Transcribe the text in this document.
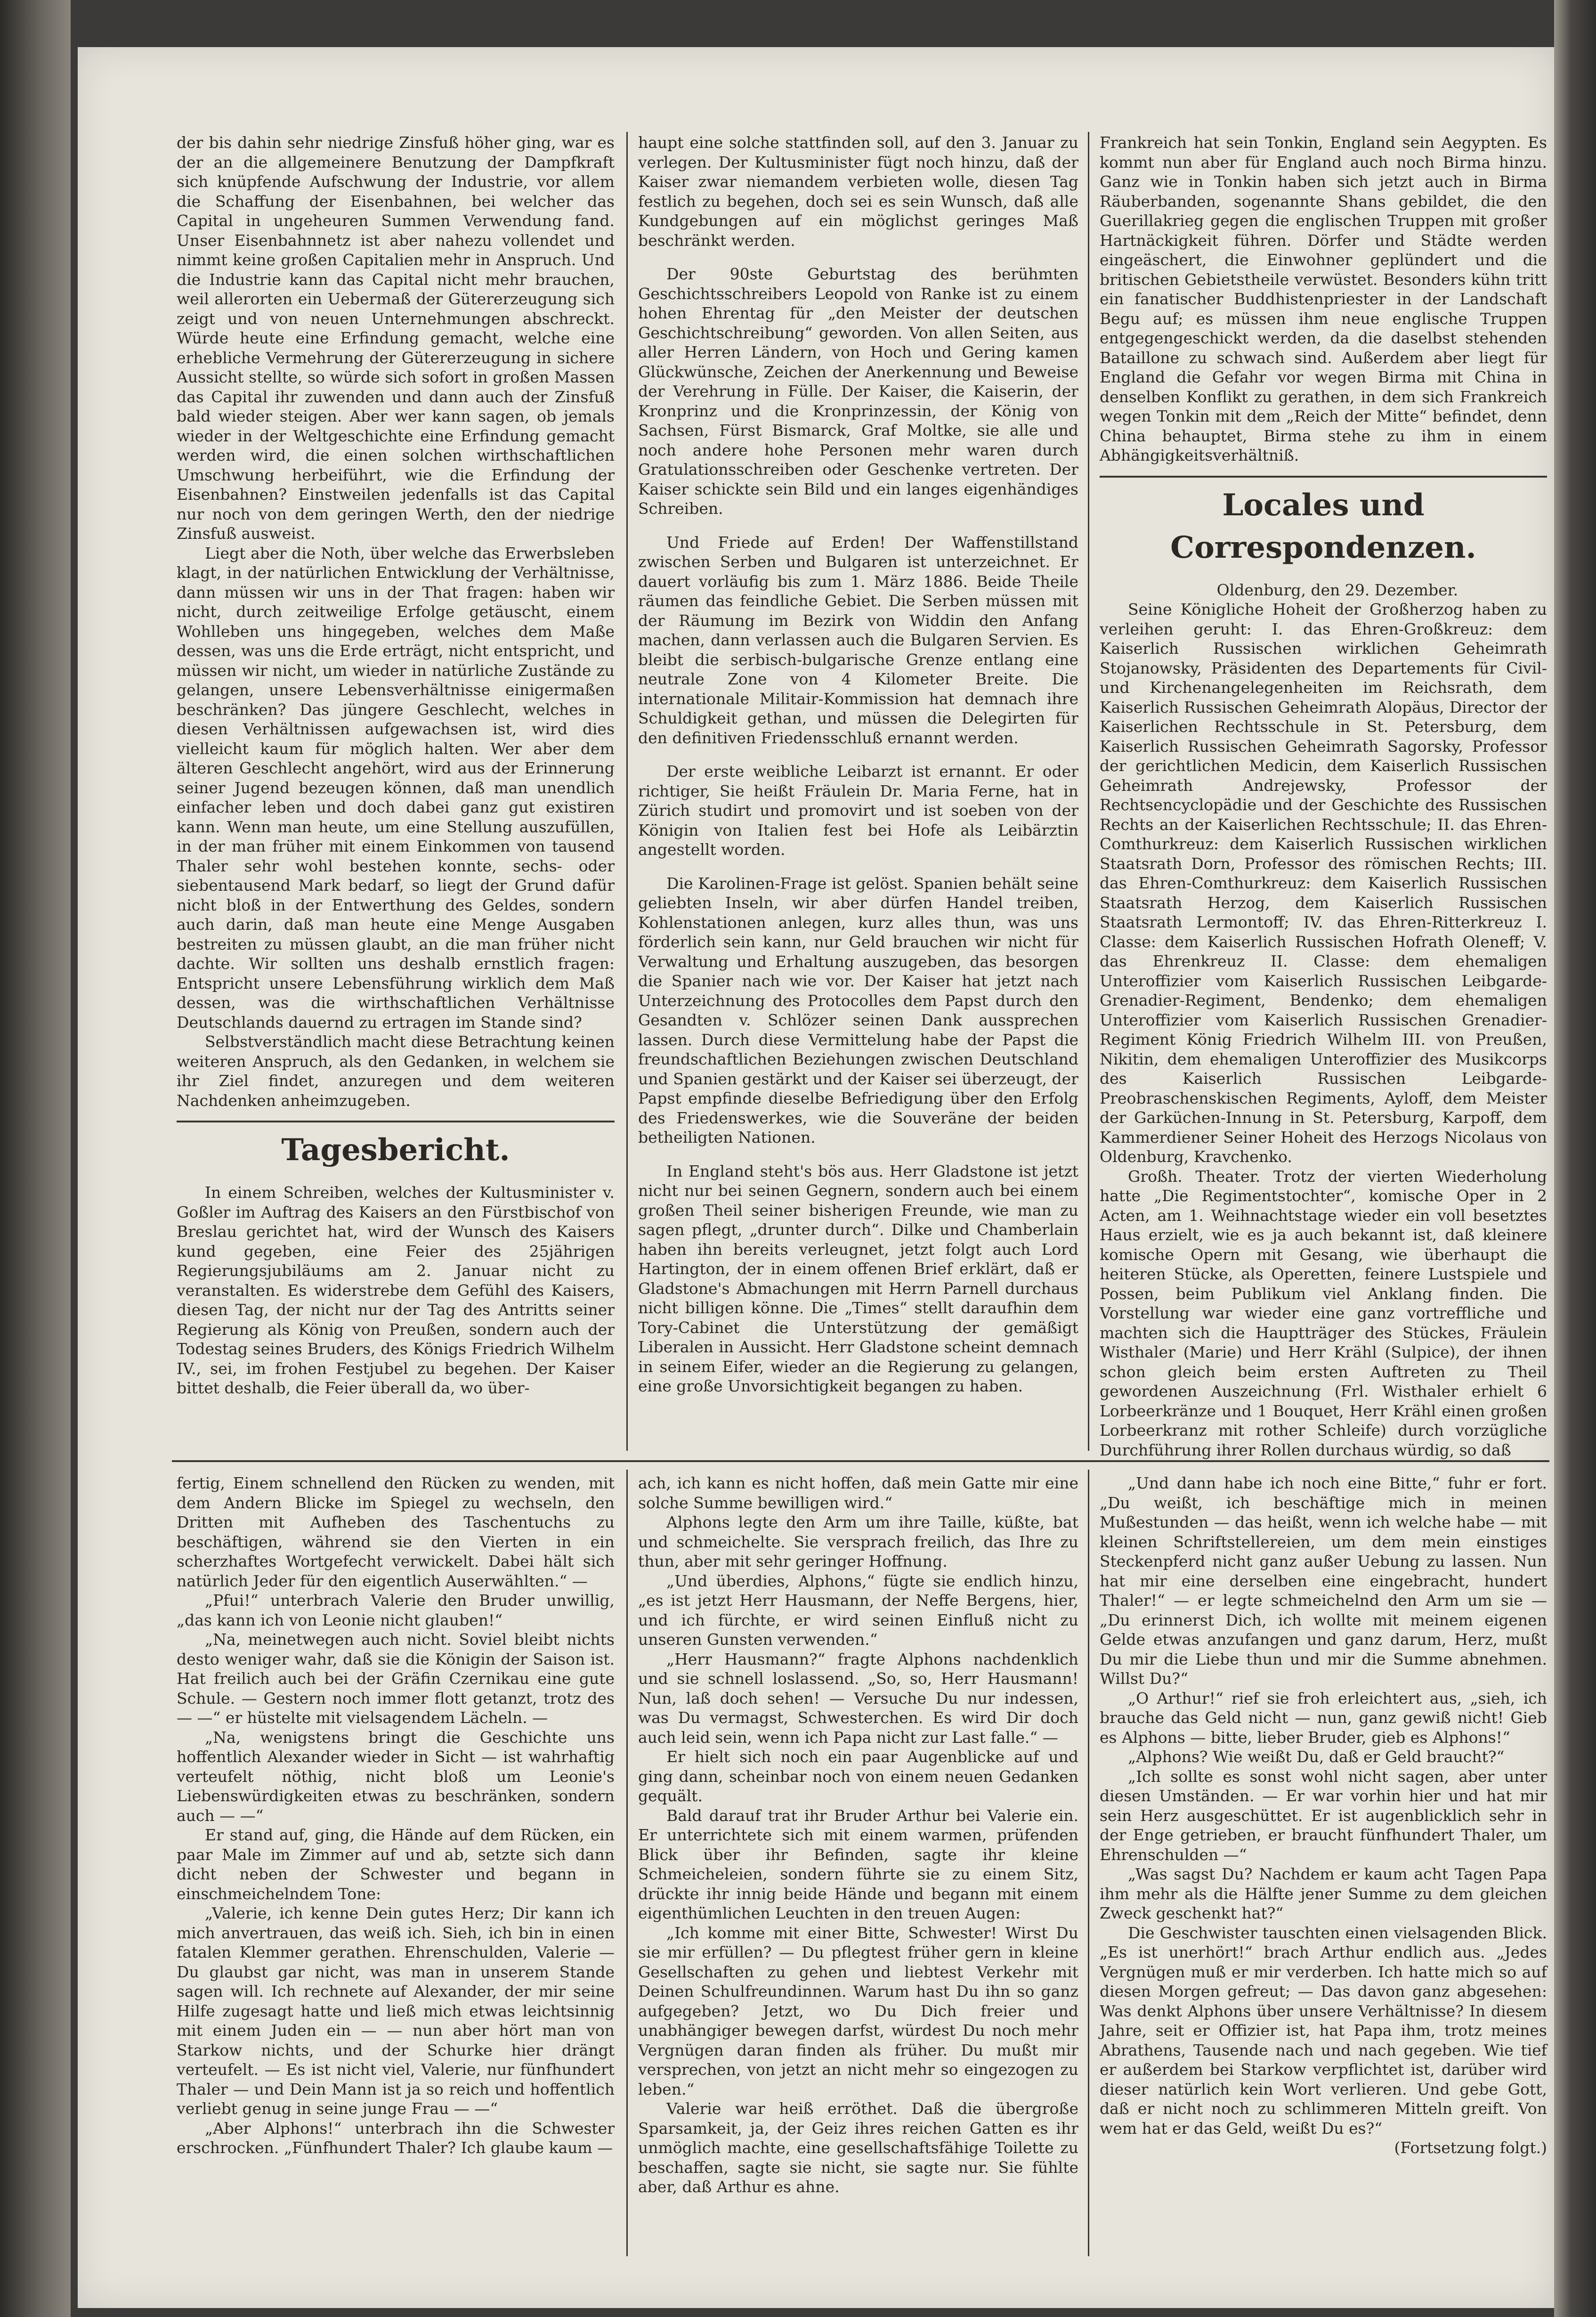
der bis dahin sehr niedrige Zinsfuß höher ging, war es der an die allgemeinere Benutzung der Dampfkraft sich knüpfende Aufschwung der Industrie, vor allem die Schaffung der Eisenbahnen, bei welcher das Capital in ungeheuren Summen Verwendung fand. Unser Eisenbahnnetz ist aber nahezu vollendet und nimmt keine großen Capitalien mehr in Anspruch. Und die Industrie kann das Capital nicht mehr brauchen, weil allerorten ein Uebermaß der Gütererzeugung sich zeigt und von neuen Unternehmungen abschreckt. Würde heute eine Erfindung gemacht, welche eine erhebliche Vermehrung der Gütererzeugung in sichere Aussicht stellte, so würde sich sofort in großen Massen das Capital ihr zuwenden und dann auch der Zinsfuß bald wieder steigen. Aber wer kann sagen, ob jemals wieder in der Weltgeschichte eine Erfindung gemacht werden wird, die einen solchen wirthschaftlichen Umschwung herbeiführt, wie die Erfindung der Eisenbahnen? Einstweilen jedenfalls ist das Capital nur noch von dem geringen Werth, den der niedrige Zinsfuß ausweist.

Liegt aber die Noth, über welche das Erwerbsleben klagt, in der natürlichen Entwicklung der Verhältnisse, dann müssen wir uns in der That fragen: haben wir nicht, durch zeitweilige Erfolge getäuscht, einem Wohlleben uns hingegeben, welches dem Maße dessen, was uns die Erde erträgt, nicht entspricht, und müssen wir nicht, um wieder in natürliche Zustände zu gelangen, unsere Lebensverhältnisse einigermaßen beschränken? Das jüngere Geschlecht, welches in diesen Verhältnissen aufgewachsen ist, wird dies vielleicht kaum für möglich halten. Wer aber dem älteren Geschlecht angehört, wird aus der Erinnerung seiner Jugend bezeugen können, daß man unendlich einfacher leben und doch dabei ganz gut existiren kann. Wenn man heute, um eine Stellung auszufüllen, in der man früher mit einem Einkommen von tausend Thaler sehr wohl bestehen konnte, sechs- oder siebentausend Mark bedarf, so liegt der Grund dafür nicht bloß in der Entwerthung des Geldes, sondern auch darin, daß man heute eine Menge Ausgaben bestreiten zu müssen glaubt, an die man früher nicht dachte. Wir sollten uns deshalb ernstlich fragen: Entspricht unsere Lebensführung wirklich dem Maß dessen, was die wirthschaftlichen Verhältnisse Deutschlands dauernd zu ertragen im Stande sind?

Selbstverständlich macht diese Betrachtung keinen weiteren Anspruch, als den Gedanken, in welchem sie ihr Ziel findet, anzuregen und dem weiteren Nachdenken anheimzugeben.

Tagesbericht.

In einem Schreiben, welches der Kultusminister v. Goßler im Auftrag des Kaisers an den Fürstbischof von Breslau gerichtet hat, wird der Wunsch des Kaisers kund gegeben, eine Feier des 25jährigen Regierungsjubiläums am 2. Januar nicht zu veranstalten. Es widerstrebe dem Gefühl des Kaisers, diesen Tag, der nicht nur der Tag des Antritts seiner Regierung als König von Preußen, sondern auch der Todestag seines Bruders, des Königs Friedrich Wilhelm IV., sei, im frohen Festjubel zu begehen. Der Kaiser bittet deshalb, die Feier überall da, wo über-

haupt eine solche stattfinden soll, auf den 3. Januar zu verlegen. Der Kultusminister fügt noch hinzu, daß der Kaiser zwar niemandem verbieten wolle, diesen Tag festlich zu begehen, doch sei es sein Wunsch, daß alle Kundgebungen auf ein möglichst geringes Maß beschränkt werden.

Der 90ste Geburtstag des berühmten Geschichtsschreibers Leopold von Ranke ist zu einem hohen Ehrentag für „den Meister der deutschen Geschichtschreibung“ geworden. Von allen Seiten, aus aller Herren Ländern, von Hoch und Gering kamen Glückwünsche, Zeichen der Anerkennung und Beweise der Verehrung in Fülle. Der Kaiser, die Kaiserin, der Kronprinz und die Kronprinzessin, der König von Sachsen, Fürst Bismarck, Graf Moltke, sie alle und noch andere hohe Personen mehr waren durch Gratulationsschreiben oder Geschenke vertreten. Der Kaiser schickte sein Bild und ein langes eigenhändiges Schreiben.

Und Friede auf Erden! Der Waffenstillstand zwischen Serben und Bulgaren ist unterzeichnet. Er dauert vorläufig bis zum 1. März 1886. Beide Theile räumen das feindliche Gebiet. Die Serben müssen mit der Räumung im Bezirk von Widdin den Anfang machen, dann verlassen auch die Bulgaren Servien. Es bleibt die serbisch-bulgarische Grenze entlang eine neutrale Zone von 4 Kilometer Breite. Die internationale Militair-Kommission hat demnach ihre Schuldigkeit gethan, und müssen die Delegirten für den definitiven Friedensschluß ernannt werden.

Der erste weibliche Leibarzt ist ernannt. Er oder richtiger, Sie heißt Fräulein Dr. Maria Ferne, hat in Zürich studirt und promovirt und ist soeben von der Königin von Italien fest bei Hofe als Leibärztin angestellt worden.

Die Karolinen-Frage ist gelöst. Spanien behält seine geliebten Inseln, wir aber dürfen Handel treiben, Kohlenstationen anlegen, kurz alles thun, was uns förderlich sein kann, nur Geld brauchen wir nicht für Verwaltung und Erhaltung auszugeben, das besorgen die Spanier nach wie vor. Der Kaiser hat jetzt nach Unterzeichnung des Protocolles dem Papst durch den Gesandten v. Schlözer seinen Dank aussprechen lassen. Durch diese Vermittelung habe der Papst die freundschaftlichen Beziehungen zwischen Deutschland und Spanien gestärkt und der Kaiser sei überzeugt, der Papst empfinde dieselbe Befriedigung über den Erfolg des Friedenswerkes, wie die Souveräne der beiden betheiligten Nationen.

In England steht's bös aus. Herr Gladstone ist jetzt nicht nur bei seinen Gegnern, sondern auch bei einem großen Theil seiner bisherigen Freunde, wie man zu sagen pflegt, „drunter durch“. Dilke und Chamberlain haben ihn bereits verleugnet, jetzt folgt auch Lord Hartington, der in einem offenen Brief erklärt, daß er Gladstone's Abmachungen mit Herrn Parnell durchaus nicht billigen könne. Die „Times“ stellt daraufhin dem Tory-Cabinet die Unterstützung der gemäßigt Liberalen in Aussicht. Herr Gladstone scheint demnach in seinem Eifer, wieder an die Regierung zu gelangen, eine große Unvorsichtigkeit begangen zu haben.

Frankreich hat sein Tonkin, England sein Aegypten. Es kommt nun aber für England auch noch Birma hinzu. Ganz wie in Tonkin haben sich jetzt auch in Birma Räuberbanden, sogenannte Shans gebildet, die den Guerillakrieg gegen die englischen Truppen mit großer Hartnäckigkeit führen. Dörfer und Städte werden eingeäschert, die Einwohner geplündert und die britischen Gebietstheile verwüstet. Besonders kühn tritt ein fanatischer Buddhistenpriester in der Landschaft Begu auf; es müssen ihm neue englische Truppen entgegengeschickt werden, da die daselbst stehenden Bataillone zu schwach sind. Außerdem aber liegt für England die Gefahr vor wegen Birma mit China in denselben Konflikt zu gerathen, in dem sich Frankreich wegen Tonkin mit dem „Reich der Mitte“ befindet, denn China behauptet, Birma stehe zu ihm in einem Abhängigkeitsverhältniß.

Locales und Correspondenzen.

Oldenburg, den 29. Dezember.

Seine Königliche Hoheit der Großherzog haben zu verleihen geruht: I. das Ehren-Großkreuz: dem Kaiserlich Russischen wirklichen Geheimrath Stojanowsky, Präsidenten des Departements für Civil- und Kirchenangelegenheiten im Reichsrath, dem Kaiserlich Russischen Geheimrath Alopäus, Director der Kaiserlichen Rechtsschule in St. Petersburg, dem Kaiserlich Russischen Geheimrath Sagorsky, Professor der gerichtlichen Medicin, dem Kaiserlich Russischen Geheimrath Andrejewsky, Professor der Rechtsencyclopädie und der Geschichte des Russischen Rechts an der Kaiserlichen Rechtsschule; II. das Ehren-Comthurkreuz: dem Kaiserlich Russischen wirklichen Staatsrath Dorn, Professor des römischen Rechts; III. das Ehren-Comthurkreuz: dem Kaiserlich Russischen Staatsrath Herzog, dem Kaiserlich Russischen Staatsrath Lermontoff; IV. das Ehren-Ritterkreuz I. Classe: dem Kaiserlich Russischen Hofrath Oleneff; V. das Ehrenkreuz II. Classe: dem ehemaligen Unteroffizier vom Kaiserlich Russischen Leibgarde-Grenadier-Regiment, Bendenko; dem ehemaligen Unteroffizier vom Kaiserlich Russischen Grenadier-Regiment König Friedrich Wilhelm III. von Preußen, Nikitin, dem ehemaligen Unteroffizier des Musikcorps des Kaiserlich Russischen Leibgarde-Preobraschenskischen Regiments, Ayloff, dem Meister der Garküchen-Innung in St. Petersburg, Karpoff, dem Kammerdiener Seiner Hoheit des Herzogs Nicolaus von Oldenburg, Kravchenko.

Großh. Theater. Trotz der vierten Wiederholung hatte „Die Regimentstochter“, komische Oper in 2 Acten, am 1. Weihnachtstage wieder ein voll besetztes Haus erzielt, wie es ja auch bekannt ist, daß kleinere komische Opern mit Gesang, wie überhaupt die heiteren Stücke, als Operetten, feinere Lustspiele und Possen, beim Publikum viel Anklang finden. Die Vorstellung war wieder eine ganz vortreffliche und machten sich die Hauptträger des Stückes, Fräulein Wisthaler (Marie) und Herr Krähl (Sulpice), der ihnen schon gleich beim ersten Auftreten zu Theil gewordenen Auszeichnung (Frl. Wisthaler erhielt 6 Lorbeerkränze und 1 Bouquet, Herr Krähl einen großen Lorbeerkranz mit rother Schleife) durch vorzügliche Durchführung ihrer Rollen durchaus würdig, so daß

fertig, Einem schnellend den Rücken zu wenden, mit dem Andern Blicke im Spiegel zu wechseln, den Dritten mit Aufheben des Taschentuchs zu beschäftigen, während sie den Vierten in ein scherzhaftes Wortgefecht verwickelt. Dabei hält sich natürlich Jeder für den eigentlich Auserwählten.“ —

„Pfui!“ unterbrach Valerie den Bruder unwillig, „das kann ich von Leonie nicht glauben!“

„Na, meinetwegen auch nicht. Soviel bleibt nichts desto weniger wahr, daß sie die Königin der Saison ist. Hat freilich auch bei der Gräfin Czernikau eine gute Schule. — Gestern noch immer flott getanzt, trotz des — —“ er hüstelte mit vielsagendem Lächeln. —

„Na, wenigstens bringt die Geschichte uns hoffentlich Alexander wieder in Sicht — ist wahrhaftig verteufelt nöthig, nicht bloß um Leonie's Liebenswürdigkeiten etwas zu beschränken, sondern auch — —“

Er stand auf, ging, die Hände auf dem Rücken, ein paar Male im Zimmer auf und ab, setzte sich dann dicht neben der Schwester und begann in einschmeichelndem Tone:

„Valerie, ich kenne Dein gutes Herz; Dir kann ich mich anvertrauen, das weiß ich. Sieh, ich bin in einen fatalen Klemmer gerathen. Ehrenschulden, Valerie — Du glaubst gar nicht, was man in unserem Stande sagen will. Ich rechnete auf Alexander, der mir seine Hilfe zugesagt hatte und ließ mich etwas leichtsinnig mit einem Juden ein — — nun aber hört man von Starkow nichts, und der Schurke hier drängt verteufelt. — Es ist nicht viel, Valerie, nur fünfhundert Thaler — und Dein Mann ist ja so reich und hoffentlich verliebt genug in seine junge Frau — —“

„Aber Alphons!“ unterbrach ihn die Schwester erschrocken. „Fünfhundert Thaler? Ich glaube kaum —

ach, ich kann es nicht hoffen, daß mein Gatte mir eine solche Summe bewilligen wird.“

Alphons legte den Arm um ihre Taille, küßte, bat und schmeichelte. Sie versprach freilich, das Ihre zu thun, aber mit sehr geringer Hoffnung.

„Und überdies, Alphons,“ fügte sie endlich hinzu, „es ist jetzt Herr Hausmann, der Neffe Bergens, hier, und ich fürchte, er wird seinen Einfluß nicht zu unseren Gunsten verwenden.“

„Herr Hausmann?“ fragte Alphons nachdenklich und sie schnell loslassend. „So, so, Herr Hausmann! Nun, laß doch sehen! — Versuche Du nur indessen, was Du vermagst, Schwesterchen. Es wird Dir doch auch leid sein, wenn ich Papa nicht zur Last falle.“ —

Er hielt sich noch ein paar Augenblicke auf und ging dann, scheinbar noch von einem neuen Gedanken gequält.

Bald darauf trat ihr Bruder Arthur bei Valerie ein. Er unterrichtete sich mit einem warmen, prüfenden Blick über ihr Befinden, sagte ihr kleine Schmeicheleien, sondern führte sie zu einem Sitz, drückte ihr innig beide Hände und begann mit einem eigenthümlichen Leuchten in den treuen Augen:

„Ich komme mit einer Bitte, Schwester! Wirst Du sie mir erfüllen? — Du pflegtest früher gern in kleine Gesellschaften zu gehen und liebtest Verkehr mit Deinen Schulfreundinnen. Warum hast Du ihn so ganz aufgegeben? Jetzt, wo Du Dich freier und unabhängiger bewegen darfst, würdest Du noch mehr Vergnügen daran finden als früher. Du mußt mir versprechen, von jetzt an nicht mehr so eingezogen zu leben.“

Valerie war heiß erröthet. Daß die übergroße Sparsamkeit, ja, der Geiz ihres reichen Gatten es ihr unmöglich machte, eine gesellschaftsfähige Toilette zu beschaffen, sagte sie nicht, sie sagte nur. Sie fühlte aber, daß Arthur es ahne.

„Und dann habe ich noch eine Bitte,“ fuhr er fort. „Du weißt, ich beschäftige mich in meinen Mußestunden — das heißt, wenn ich welche habe — mit kleinen Schriftstellereien, um dem mein einstiges Steckenpferd nicht ganz außer Uebung zu lassen. Nun hat mir eine derselben eine eingebracht, hundert Thaler!“ — er legte schmeichelnd den Arm um sie — „Du erinnerst Dich, ich wollte mit meinem eigenen Gelde etwas anzufangen und ganz darum, Herz, mußt Du mir die Liebe thun und mir die Summe abnehmen. Willst Du?“

„O Arthur!“ rief sie froh erleichtert aus, „sieh, ich brauche das Geld nicht — nun, ganz gewiß nicht! Gieb es Alphons — bitte, lieber Bruder, gieb es Alphons!“

„Alphons? Wie weißt Du, daß er Geld braucht?“

„Ich sollte es sonst wohl nicht sagen, aber unter diesen Umständen. — Er war vorhin hier und hat mir sein Herz ausgeschüttet. Er ist augenblicklich sehr in der Enge getrieben, er braucht fünfhundert Thaler, um Ehrenschulden —“

„Was sagst Du? Nachdem er kaum acht Tagen Papa ihm mehr als die Hälfte jener Summe zu dem gleichen Zweck geschenkt hat?“

Die Geschwister tauschten einen vielsagenden Blick. „Es ist unerhört!“ brach Arthur endlich aus. „Jedes Vergnügen muß er mir verderben. Ich hatte mich so auf diesen Morgen gefreut; — Das davon ganz abgesehen: Was denkt Alphons über unsere Verhältnisse? In diesem Jahre, seit er Offizier ist, hat Papa ihm, trotz meines Abrathens, Tausende nach und nach gegeben. Wie tief er außerdem bei Starkow verpflichtet ist, darüber wird dieser natürlich kein Wort verlieren. Und gebe Gott, daß er nicht noch zu schlimmeren Mitteln greift. Von wem hat er das Geld, weißt Du es?“

(Fortsetzung folgt.)
